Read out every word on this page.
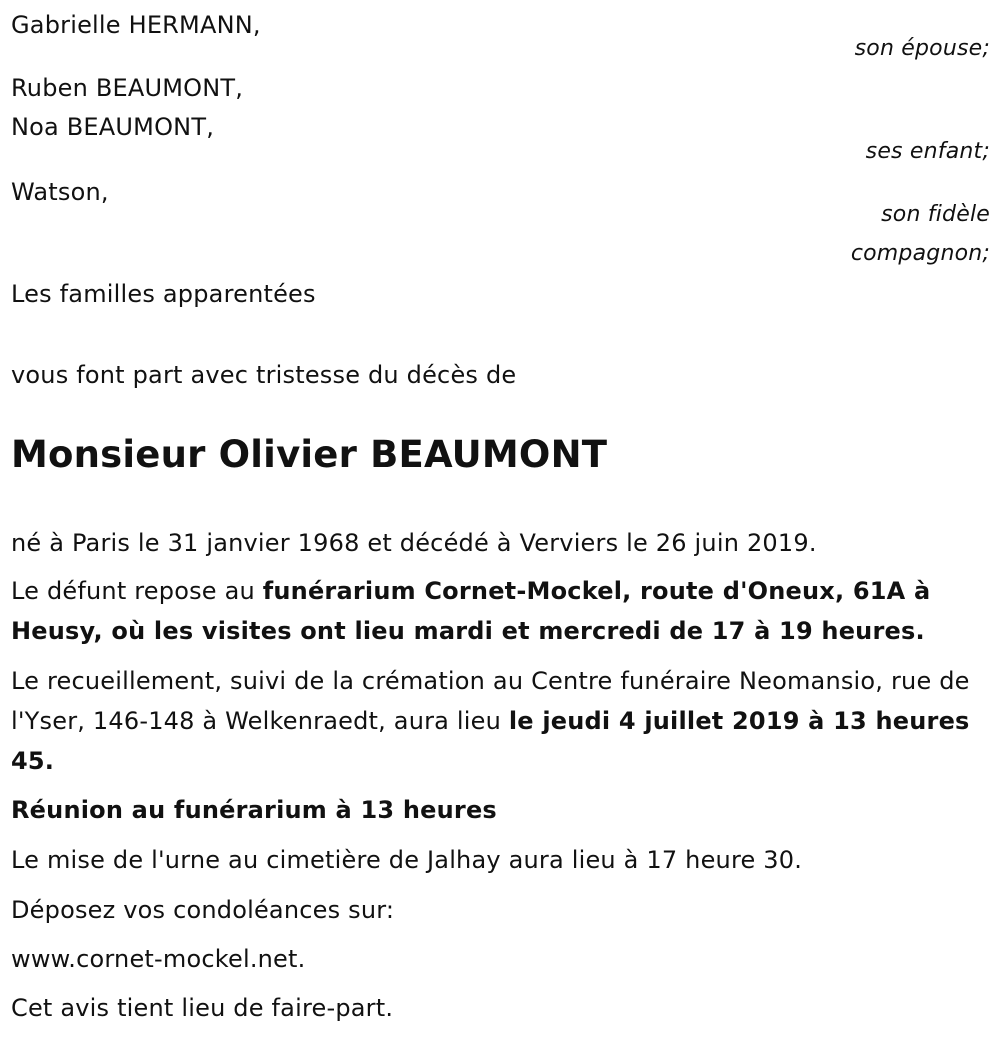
Gabrielle HERMANN,
son épouse;
Ruben BEAUMONT,
Noa BEAUMONT,
ses enfant;
Watson,
son fidèle
compagnon;
Les familles apparentées
vous font part avec tristesse du décès de
Monsieur Olivier BEAUMONT
né à Paris le 31 janvier 1968 et décédé à Verviers le 26 juin 2019.
Le défunt repose au funérarium Cornet-Mockel, route d'Oneux, 61A à Heusy, où les visites ont lieu mardi et mercredi de 17 à 19 heures.
Le recueillement, suivi de la crémation au Centre funéraire Neomansio, rue de l'Yser, 146-148 à Welkenraedt, aura lieu le jeudi 4 juillet 2019 à 13 heures 45.
Réunion au funérarium à 13 heures
Le mise de l'urne au cimetière de Jalhay aura lieu à 17 heure 30.
Déposez vos condoléances sur:
www.cornet-mockel.net.
Cet avis tient lieu de faire-part.
